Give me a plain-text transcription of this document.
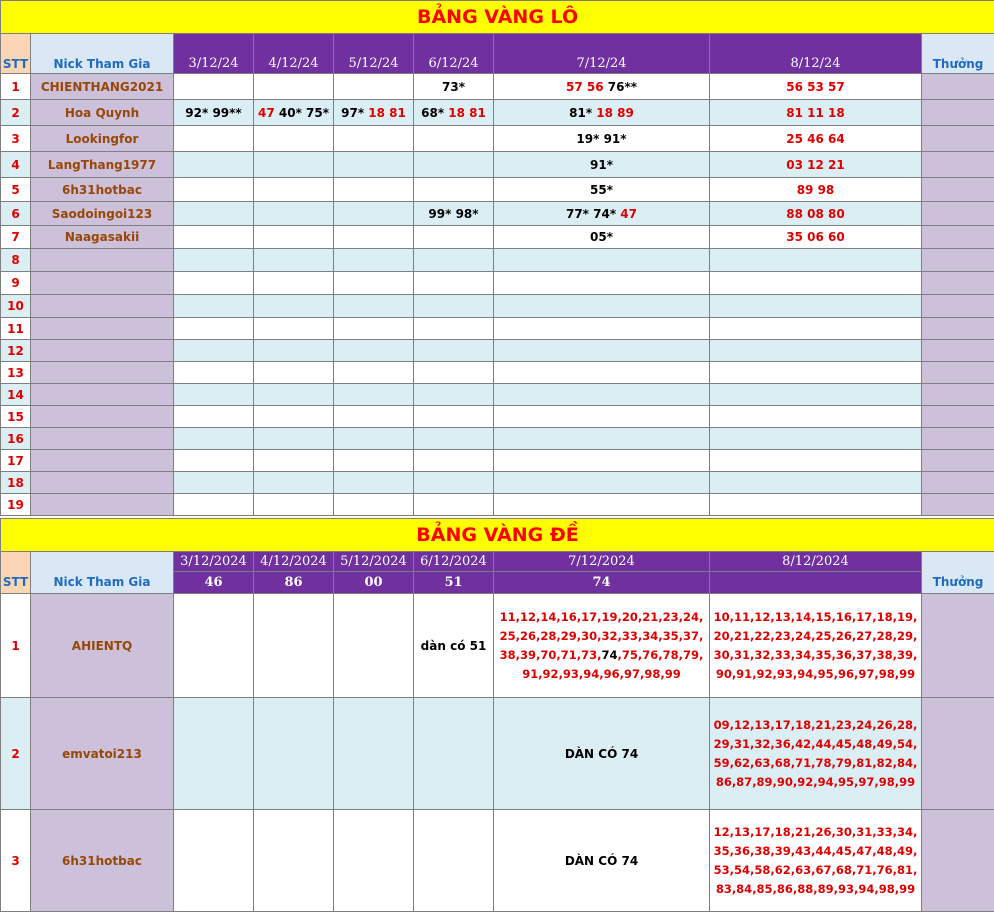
BẢNG VÀNG LÔ								
STT	Nick Tham Gia	3/12/24	4/12/24	5/12/24	6/12/24	7/12/24	8/12/24	Thưởng
1	CHIENTHANG2021				73*	57 56 76**	56 53 57	
2	Hoa Quynh	92* 99**	47 40* 75*	97* 18 81	68* 18 81	81* 18 89	81 11 18	
3	Lookingfor					19* 91*	25 46 64	
4	LangThang1977					91*	03 12 21	
5	6h31hotbac					55*	89 98	
6	Saodoingoi123				99* 98*	77* 74* 47	88 08 80	
7	Naagasakii					05*	35 06 60	
8								
9								
10								
11								
12								
13								
14								
15								
16								
17								
18								
19								
BẢNG VÀNG ĐỀ								
STT	Nick Tham Gia	3/12/2024	4/12/2024	5/12/2024	6/12/2024	7/12/2024	8/12/2024	Thưởng
		46	86	00	51	74		
1	AHIENTQ				dàn có 51	11,12,14,16,17,19,20,21,23,24,25,26,28,29,30,32,33,34,35,37,38,39,70,71,73,74,75,76,78,79,91,92,93,94,96,97,98,99	10,11,12,13,14,15,16,17,18,19,20,21,22,23,24,25,26,27,28,29,30,31,32,33,34,35,36,37,38,39,90,91,92,93,94,95,96,97,98,99	
2	emvatoi213					DÀN CÓ 74	09,12,13,17,18,21,23,24,26,28,29,31,32,36,42,44,45,48,49,54,59,62,63,68,71,78,79,81,82,84,86,87,89,90,92,94,95,97,98,99	
3	6h31hotbac					DÀN CÓ 74	12,13,17,18,21,26,30,31,33,34,35,36,38,39,43,44,45,47,48,49,53,54,58,62,63,67,68,71,76,81,83,84,85,86,88,89,93,94,98,99	
